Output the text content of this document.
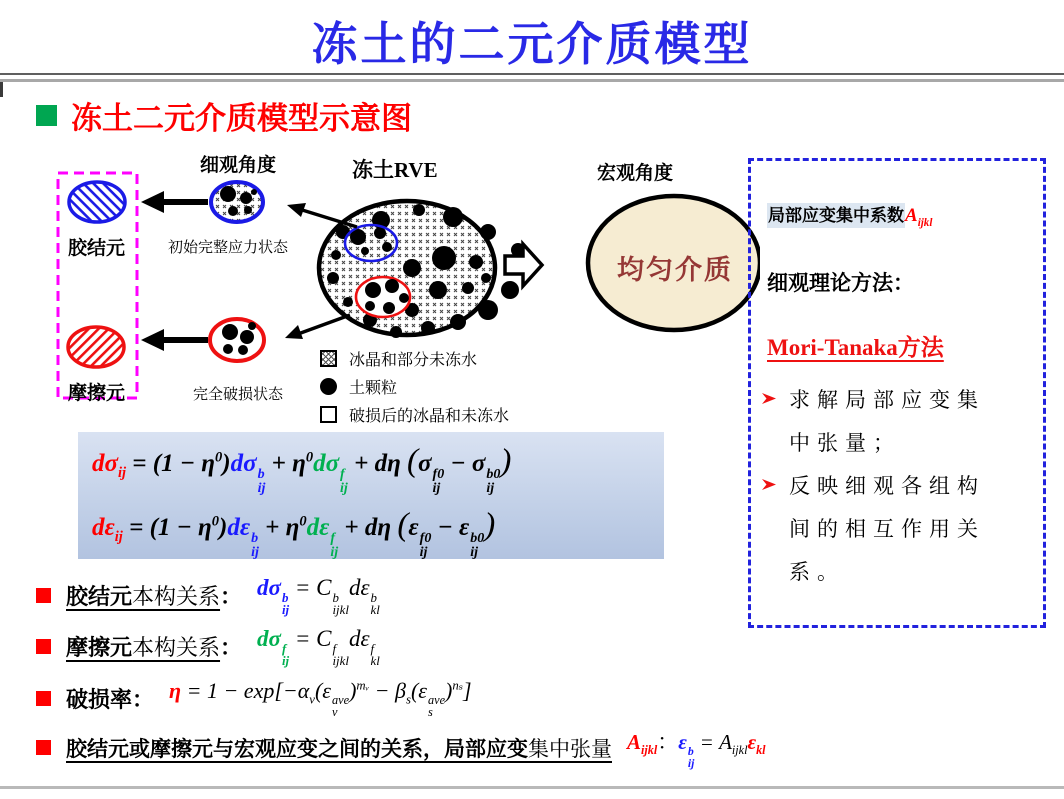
冻土的二元介质模型
冻土二元介质模型示意图
细观角度	冻土RVE	宏观角度
胶结元
摩擦元
初始完整应力状态
完全破损状态
均匀介质
冰晶和部分未冻水
土颗粒
破损后的冰晶和未冻水
$d\sigma_{ij} = (1 - \eta^0)d\sigma$ b
ij
+ $\eta^0d\sigma$ f
ij
+ dη (σ f0
ij
− σ b0
ij
)
$d\varepsilon_{ij} = (1 - \eta^0)d\varepsilon$ b
ij
+ $\eta^0d\varepsilon$ f
ij
+ dη (ε f0
ij
− ε b0
ij
)
胶结元本构关系： dσ b
ij
= C b
ijkl
dε b
kl
摩擦元本构关系： dσ f
ij
= C f
ijkl
dε f
kl
破损率： $\eta = 1 - \exp[-\alpha_v(\varepsilon$ ave
v
)$^{mᵥ} - \beta_s(\varepsilon$ ave
s
)$^{n_s}$]
胶结元或摩擦元与宏观应变之间的关系，局部应变集中张量 $A_{ijkl}$：ε b
ij
= $A_{ijkl}\varepsilon_{kl}$
局部应变集中系数$A_{ijkl}$
细观理论方法：
Mori-Tanaka方法
求解局部应变集中张量；
反映细观各组构间的相互作用关系。
